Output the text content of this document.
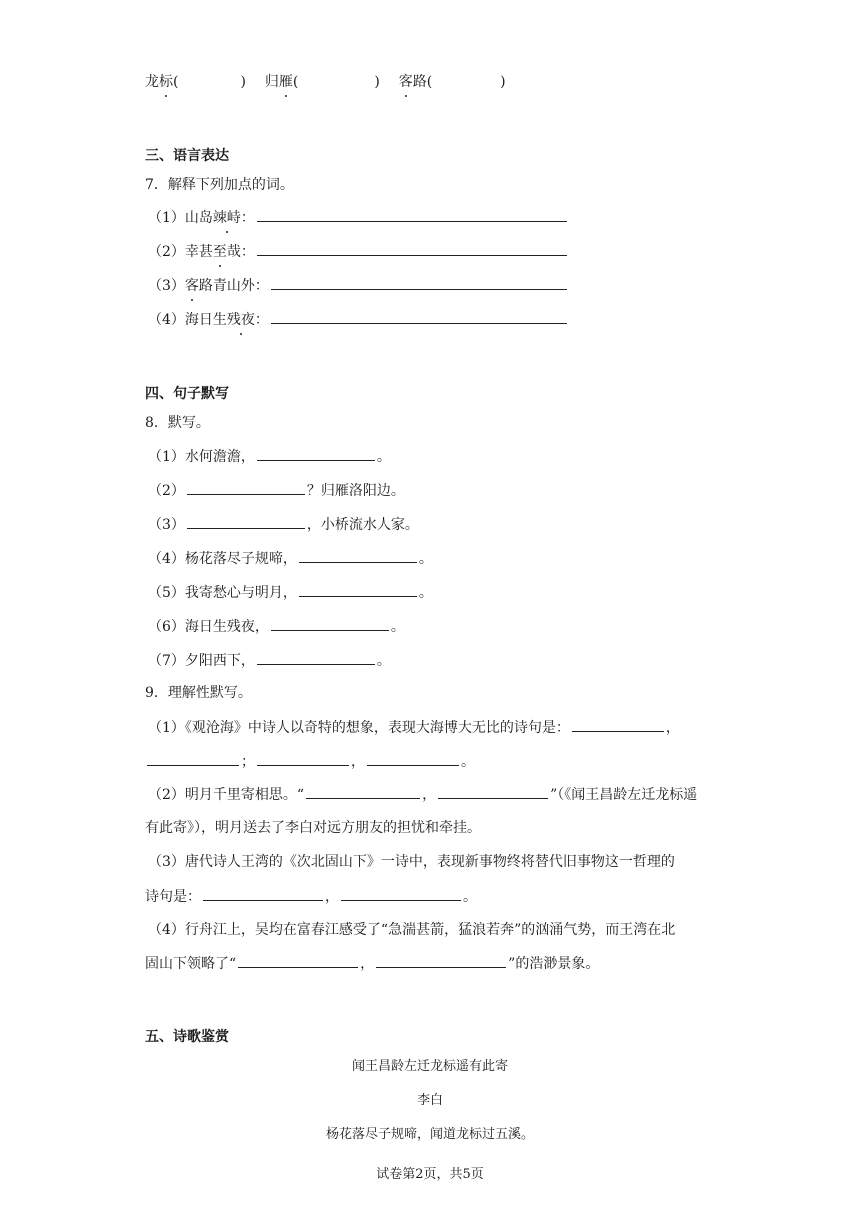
龙标(	) 归雁(	) 客路(	)
三、语言表达
7．解释下列加点的词。
（1）山岛竦峙：
（2）幸甚至哉：
（3）客路青山外：
（4）海日生残夜：
四、句子默写
8．默写。
（1）水何澹澹，	。
（2）	？归雁洛阳边。
（3）	，小桥流水人家。
（4）杨花落尽子规啼，	。
（5）我寄愁心与明月，	。
（6）海日生残夜，	。
（7）夕阳西下，	。
9．理解性默写。
（1）《观沧海》中诗人以奇特的想象，表现大海博大无比的诗句是：	，
；	，	。
（2）明月千里寄相思。“	，	”（《闻王昌龄左迁龙标遥
有此寄》），明月送去了李白对远方朋友的担忧和牵挂。
（3）唐代诗人王湾的《次北固山下》一诗中，表现新事物终将替代旧事物这一哲理的
诗句是：	，	。
（4）行舟江上，吴均在富春江感受了“急湍甚箭，猛浪若奔”的汹涌气势，而王湾在北
固山下领略了“	，	”的浩渺景象。
五、诗歌鉴赏
闻王昌龄左迁龙标遥有此寄
李白
杨花落尽子规啼，闻道龙标过五溪。
试卷第2页，共5页
